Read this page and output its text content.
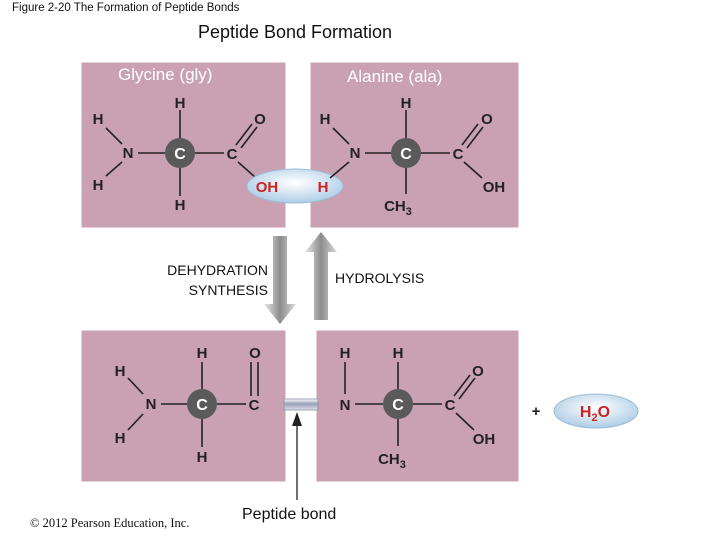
Figure 2-20 The Formation of Peptide Bonds
Peptide Bond Formation
H
H
N
H
H
C	C
O	H
N
H
C	C
O
OH
$CH_3$
OH	H
H
H
N
H
H
C	C
O	H
N
H
C	C
O
OH
$CH_3$
+ $H_2O$
Glycine (gly)	Alanine (ala)
DEHYDRATION
SYNTHESIS
HYDROLYSIS
Peptide bond
© 2012 Pearson Education, Inc.
